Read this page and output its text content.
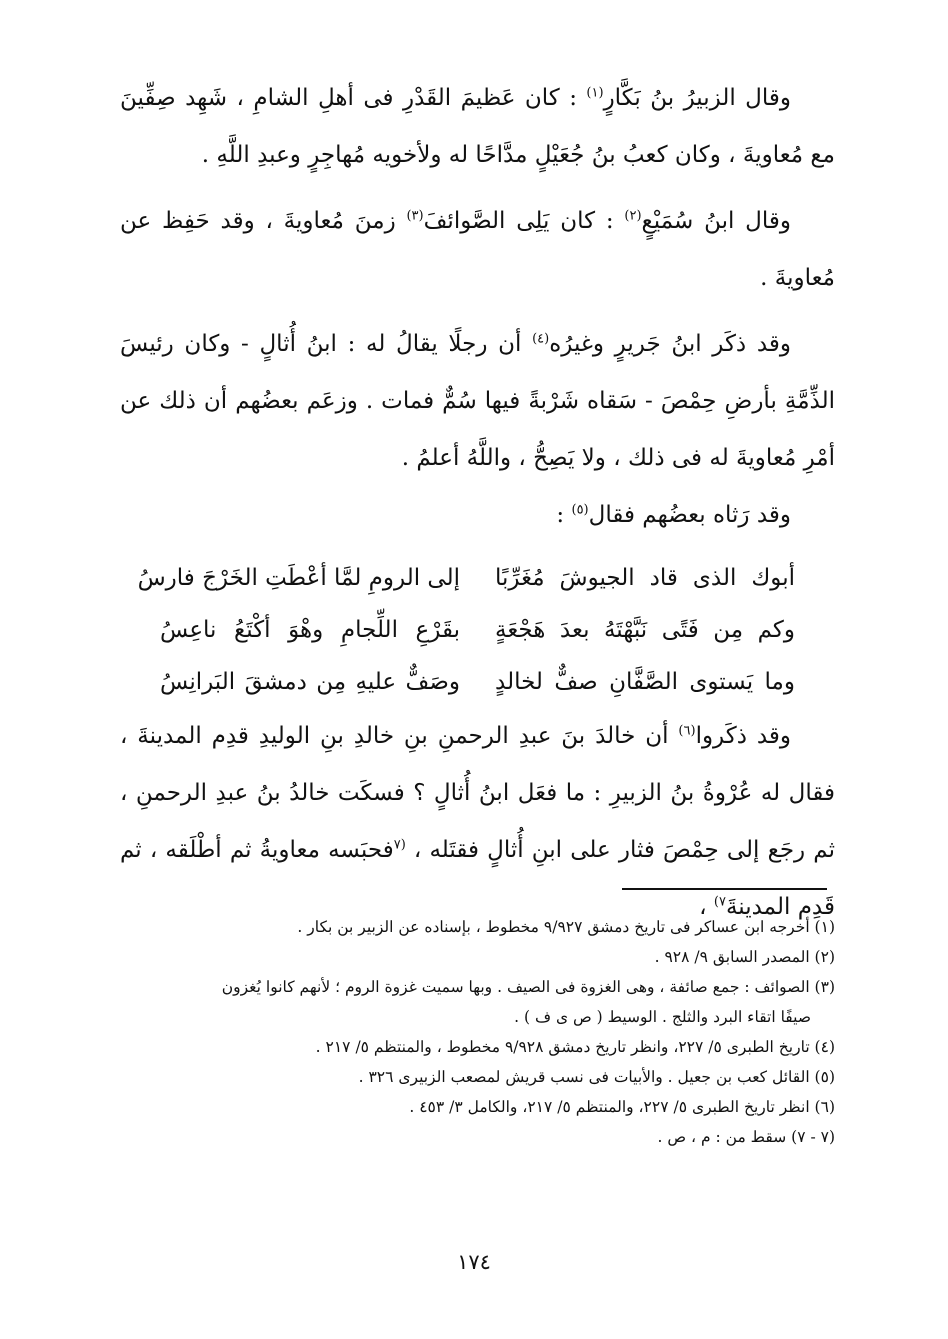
وقال الزبيرُ بنُ بَكَّارٍ$^{(١)}$ : كان عَظيمَ القَدْرِ فى أهلِ الشامِ ، شَهِد صِفِّينَ مع مُعاويةَ ، وكان كعبُ بنُ جُعَيْلٍ مدَّاحًا له ولأخويه مُهاجِرٍ وعبدِ اللَّهِ .

وقال ابنُ سُمَيْعٍ$^{(٢)}$ : كان يَلِى الصَّوائفَ$^{(٣)}$ زمنَ مُعاويةَ ، وقد حَفِظ عن مُعاويةَ .

وقد ذكَر ابنُ جَريرٍ وغيرُه$^{(٤)}$ أن رجلًا يقالُ له : ابنُ أُثالٍ - وكان رئيسَ الذِّمَّةِ بأرضِ حِمْصَ - سَقاه شَرْبةً فيها سُمٌّ فمات . وزعَم بعضُهم أن ذلك عن أمْرِ مُعاويةَ له فى ذلك ، ولا يَصِحُّ ، واللَّهُ أعلمُ .

وقد رَثاه بعضُهم فقال$^{(٥)}$ :

أبوك الذى قاد الجيوشَ مُغَرِّبًا
إلى الرومِ لمَّا أعْطَتِ الخَرْجَ فارسُ
وكم مِن فَتًى نَبَّهْتَهُ بعدَ هَجْعَةٍ
بقَرْعِ اللِّجامِ وهْوَ أكْتَعُ ناعِسُ
وما يَستوى الصَّفَّانِ صفٌّ لخالدٍ
وصَفٌّ عليهِ مِن دمشقَ البَرانِسُ

وقد ذكَروا$^{(٦)}$ أن خالدَ بنَ عبدِ الرحمنِ بنِ خالدِ بنِ الوليدِ قدِم المدينةَ ، فقال له عُرْوةُ بنُ الزبيرِ : ما فعَل ابنُ أُثالٍ ؟ فسكَت خالدُ بنُ عبدِ الرحمنِ ، ثم رجَع إلى حِمْصَ فثار على ابنِ أُثالٍ فقتَله ، $^{(٧}$فحبَسه معاويةُ ثم أطْلَقه ، ثم قَدِم المدينةَ$^{٧)}$ ،

(١) أخرجه ابن عساكر فى تاريخ دمشق ٩/٩٢٧ مخطوط ، بإسناده عن الزبير بن بكار .

(٢) المصدر السابق ٩/ ٩٢٨ .

(٣) الصوائف : جمع صائفة ، وهى الغزوة فى الصيف . وبها سميت غزوة الروم ؛ لأنهم كانوا يُغزون

صيفًا اتقاء البرد والثلج . الوسيط ( ص ى ف ) .

(٤) تاريخ الطبرى ٥/ ٢٢٧، وانظر تاريخ دمشق ٩/٩٢٨ مخطوط ، والمنتظم ٥/ ٢١٧ .

(٥) القائل كعب بن جعيل . والأبيات فى نسب قريش لمصعب الزبيرى ٣٢٦ .

(٦) انظر تاريخ الطبرى ٥/ ٢٢٧، والمنتظم ٥/ ٢١٧، والكامل ٣/ ٤٥٣ .

(٧ - ٧) سقط من : م ، ص .

١٧٤
